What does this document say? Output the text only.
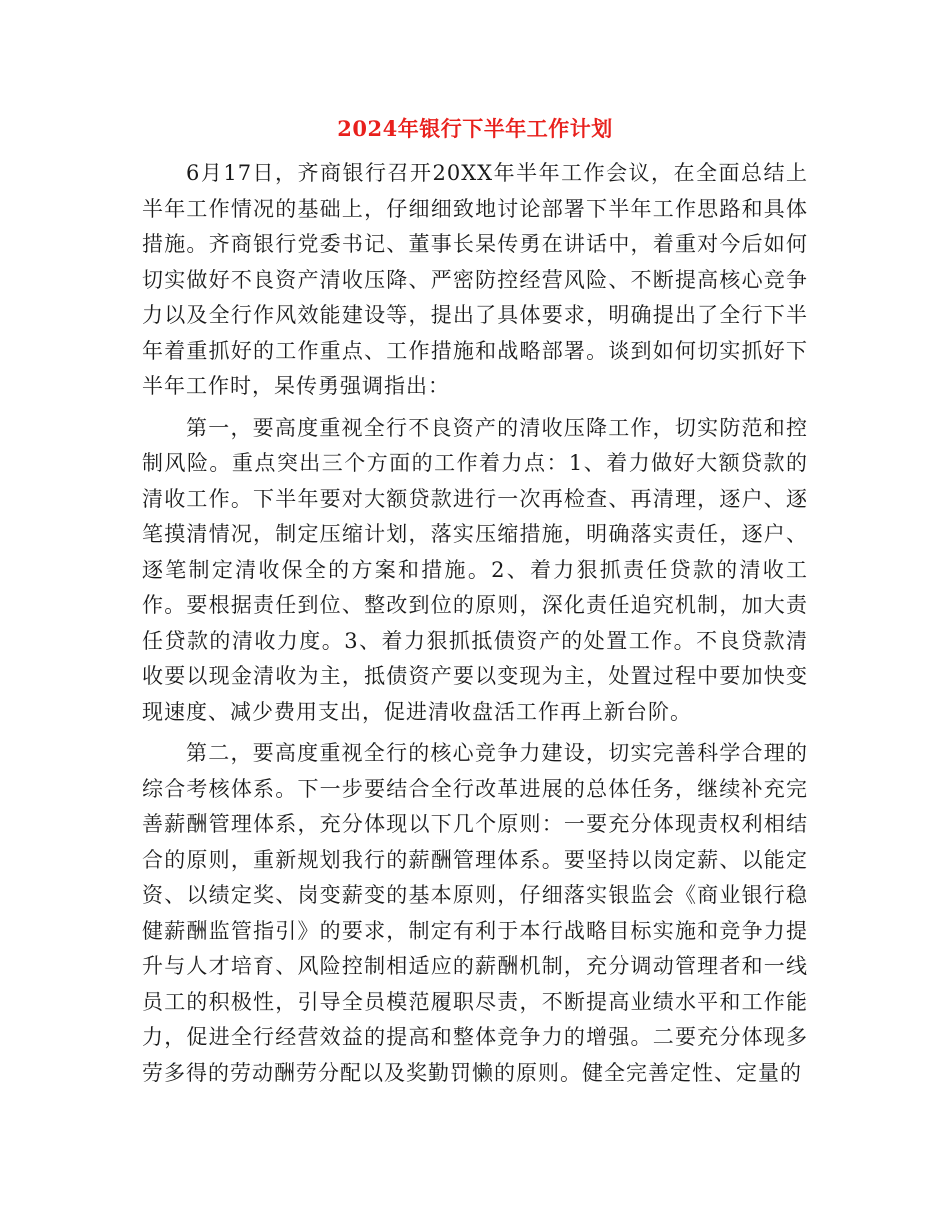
2024年银行下半年工作计划

6月17日，齐商银行召开20XX年半年工作会议，在全面总结上半年工作情况的基础上，仔细细致地讨论部署下半年工作思路和具体措施。齐商银行党委书记、董事长杲传勇在讲话中，着重对今后如何切实做好不良资产清收压降、严密防控经营风险、不断提高核心竞争力以及全行作风效能建设等，提出了具体要求，明确提出了全行下半年着重抓好的工作重点、工作措施和战略部署。谈到如何切实抓好下半年工作时，杲传勇强调指出：

第一，要高度重视全行不良资产的清收压降工作，切实防范和控制风险。重点突出三个方面的工作着力点：1、着力做好大额贷款的清收工作。下半年要对大额贷款进行一次再检查、再清理，逐户、逐笔摸清情况，制定压缩计划，落实压缩措施，明确落实责任，逐户、逐笔制定清收保全的方案和措施。2、着力狠抓责任贷款的清收工作。要根据责任到位、整改到位的原则，深化责任追究机制，加大责任贷款的清收力度。3、着力狠抓抵债资产的处置工作。不良贷款清收要以现金清收为主，抵债资产要以变现为主，处置过程中要加快变现速度、减少费用支出，促进清收盘活工作再上新台阶。

第二，要高度重视全行的核心竞争力建设，切实完善科学合理的综合考核体系。下一步要结合全行改革进展的总体任务，继续补充完善薪酬管理体系，充分体现以下几个原则：一要充分体现责权利相结合的原则，重新规划我行的薪酬管理体系。要坚持以岗定薪、以能定资、以绩定奖、岗变薪变的基本原则，仔细落实银监会《商业银行稳健薪酬监管指引》的要求，制定有利于本行战略目标实施和竞争力提升与人才培育、风险控制相适应的薪酬机制，充分调动管理者和一线员工的积极性，引导全员模范履职尽责，不断提高业绩水平和工作能力，促进全行经营效益的提高和整体竞争力的增强。二要充分体现多劳多得的劳动酬劳分配以及奖勤罚懒的原则。健全完善定性、定量的
